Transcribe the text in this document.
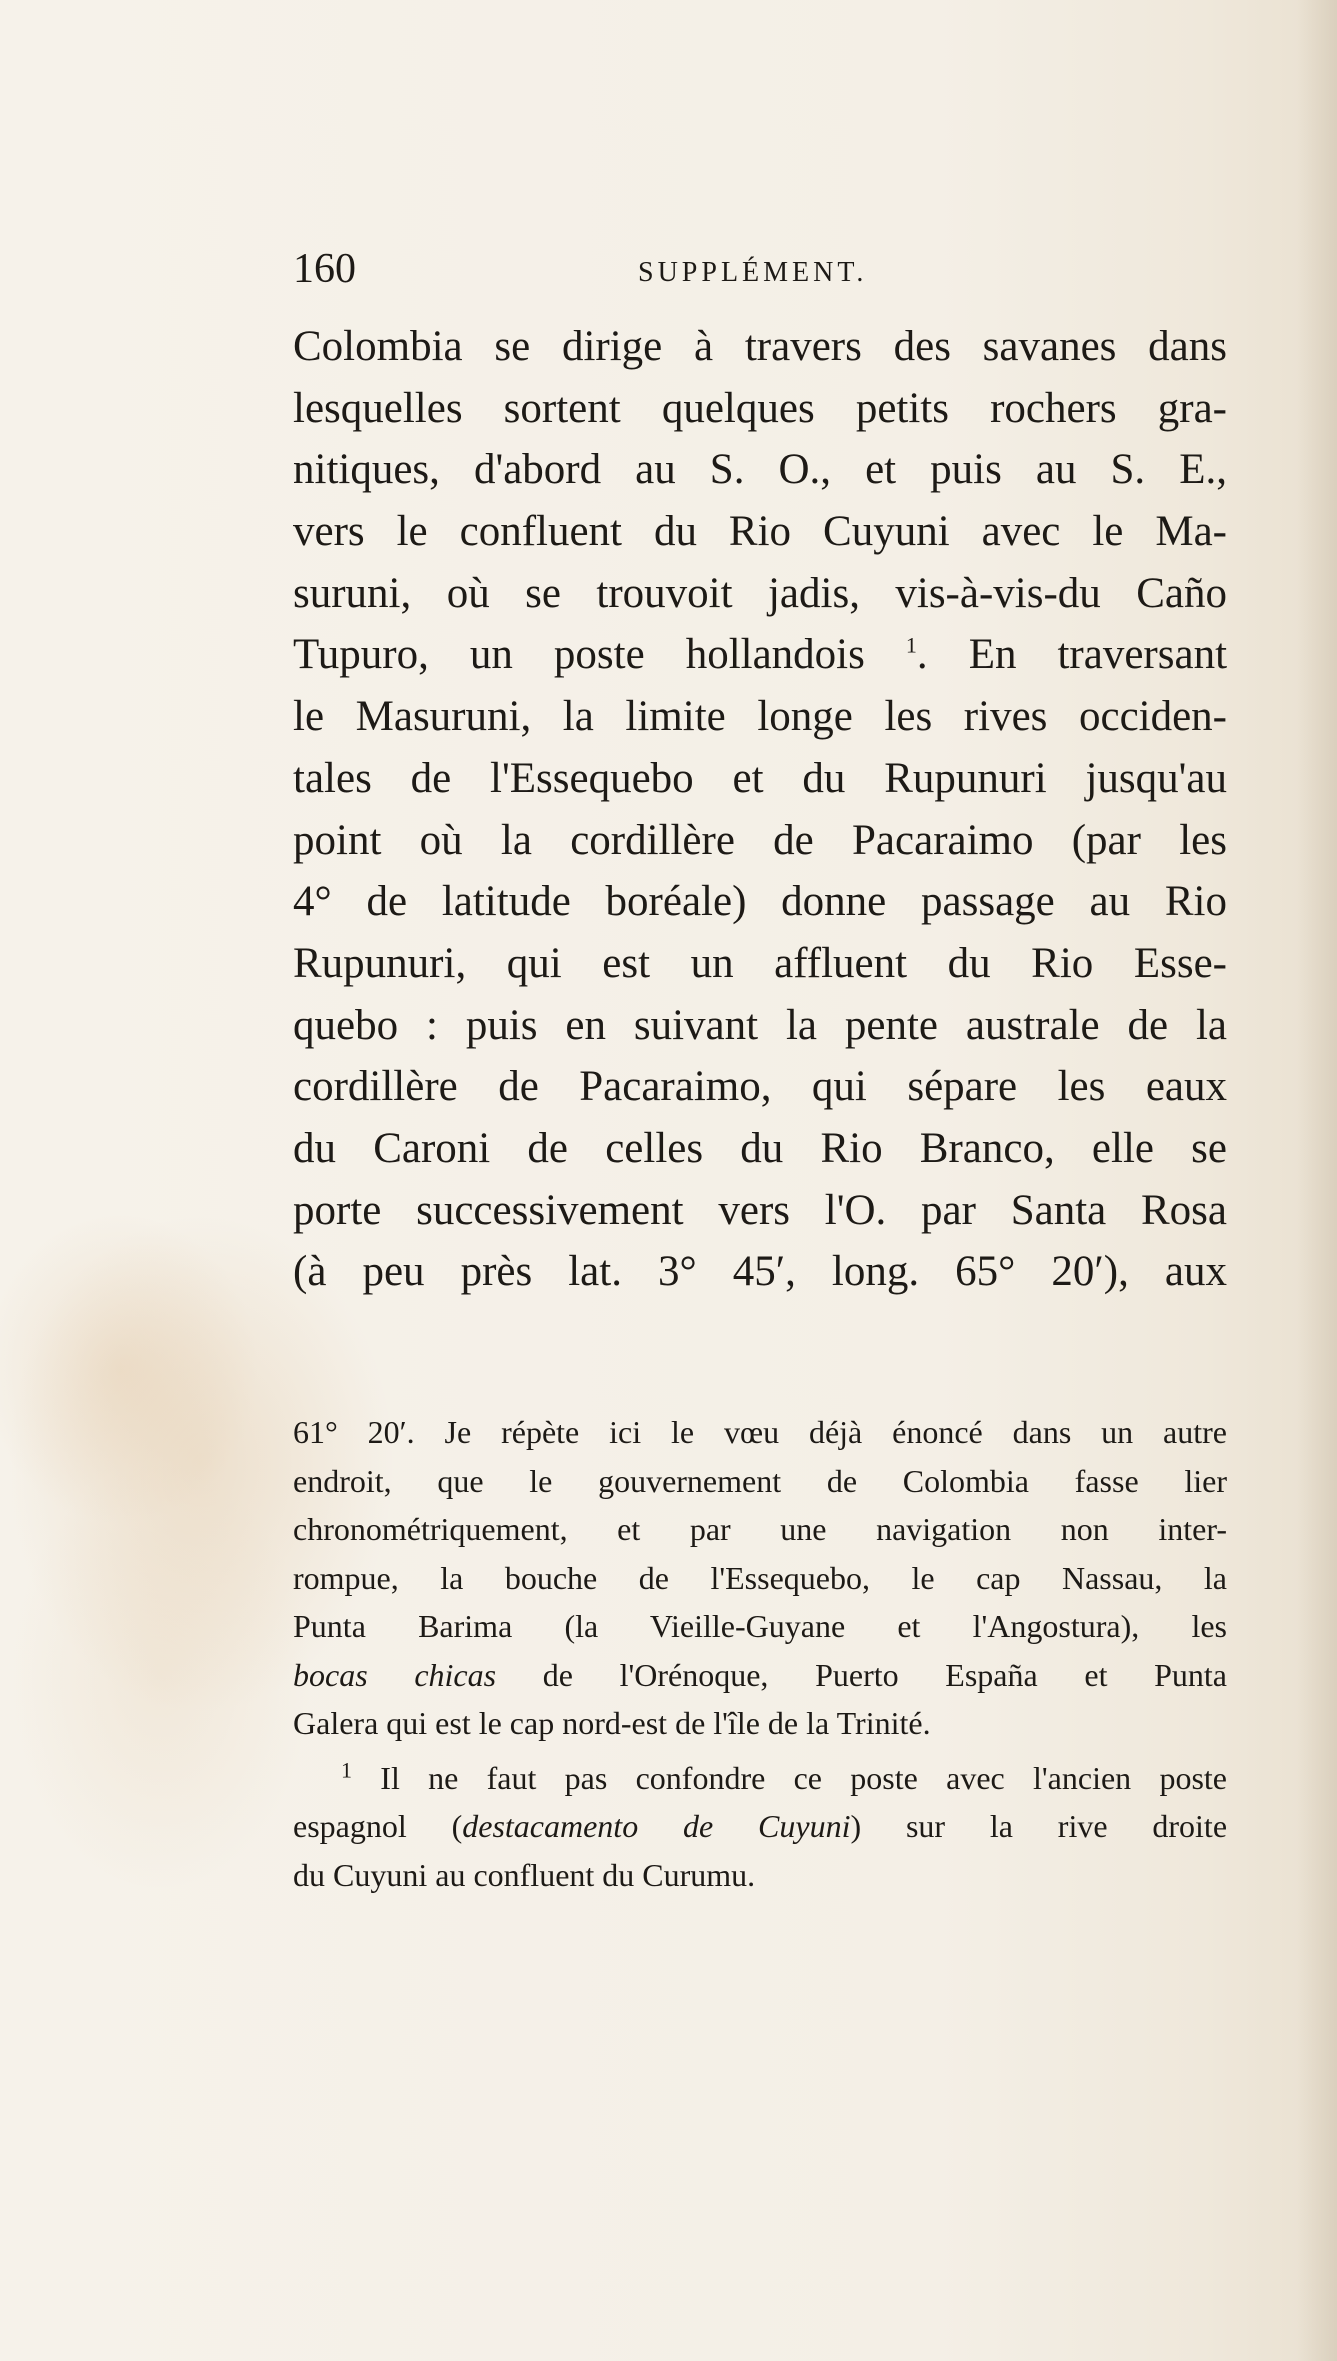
160	SUPPLÉMENT.
Colombia se dirige à travers des savanes dans
lesquelles sortent quelques petits rochers gra-
nitiques, d'abord au S. O., et puis au S. E.,
vers le confluent du Rio Cuyuni avec le Ma-
suruni, où se trouvoit jadis, vis-à-vis-du Caño
Tupuro, un poste hollandois $^1$. En traversant
le Masuruni, la limite longe les rives occiden-
tales de l'Essequebo et du Rupunuri jusqu'au
point où la cordillère de Pacaraimo (par les
4° de latitude boréale) donne passage au Rio
Rupunuri, qui est un affluent du Rio Esse-
quebo : puis en suivant la pente australe de la
cordillère de Pacaraimo, qui sépare les eaux
du Caroni de celles du Rio Branco, elle se
porte successivement vers l'O. par Santa Rosa
(à peu près lat. 3° 45′, long. 65° 20′), aux
61° 20′. Je répète ici le vœu déjà énoncé dans un autre
endroit, que le gouvernement de Colombia fasse lier
chronométriquement, et par une navigation non inter-
rompue, la bouche de l'Essequebo, le cap Nassau, la
Punta Barima (la Vieille-Guyane et l'Angostura), les
bocas chicas de l'Orénoque, Puerto España et Punta
Galera qui est le cap nord-est de l'île de la Trinité.
$^1$ Il ne faut pas confondre ce poste avec l'ancien poste
espagnol (destacamento de Cuyuni) sur la rive droite
du Cuyuni au confluent du Curumu.
